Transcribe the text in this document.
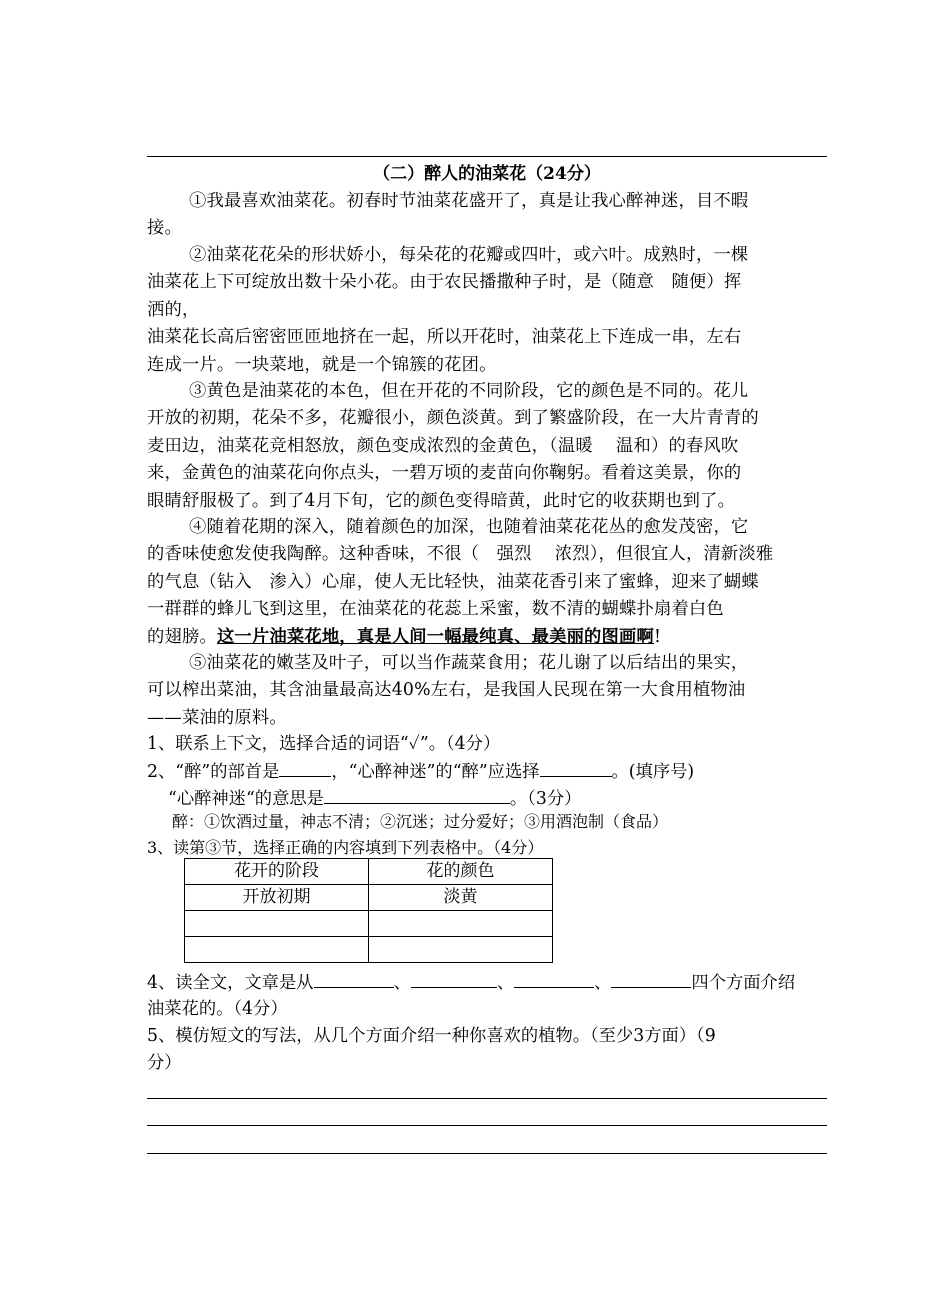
（二）醉人的油菜花（24分）
①我最喜欢油菜花。初春时节油菜花盛开了，真是让我心醉神迷，目不暇
接。
②油菜花花朵的形状娇小，每朵花的花瓣或四叶，或六叶。成熟时，一棵
油菜花上下可绽放出数十朵小花。由于农民播撒种子时，是（随意　随便）挥
洒的，
油菜花长高后密密匝匝地挤在一起，所以开花时，油菜花上下连成一串，左右
连成一片。一块菜地，就是一个锦簇的花团。
③黄色是油菜花的本色，但在开花的不同阶段，它的颜色是不同的。花儿
开放的初期，花朵不多，花瓣很小，颜色淡黄。到了繁盛阶段，在一大片青青的
麦田边，油菜花竞相怒放，颜色变成浓烈的金黄色，（温暖　 温和）的春风吹
来，金黄色的油菜花向你点头，一碧万顷的麦苗向你鞠躬。看着这美景，你的
眼睛舒服极了。到了4月下旬，它的颜色变得暗黄，此时它的收获期也到了。
④随着花期的深入，随着颜色的加深，也随着油菜花花丛的愈发茂密，它
的香味使愈发使我陶醉。这种香味，不很（　强烈　 浓烈），但很宜人，清新淡雅
的气息（钻入　渗入）心扉，使人无比轻快，油菜花香引来了蜜蜂，迎来了蝴蝶
一群群的蜂儿飞到这里，在油菜花的花蕊上采蜜，数不清的蝴蝶扑扇着白色
的翅膀。这一片油菜花地，真是人间一幅最纯真、最美丽的图画啊!
⑤油菜花的嫩茎及叶子，可以当作蔬菜食用；花儿谢了以后结出的果实，
可以榨出菜油，其含油量最高达40%左右，是我国人民现在第一大食用植物油
——菜油的原料。
1、联系上下文，选择合适的词语“✓”。（4分）
2、“醉”的部首是	，“心醉神迷”的“醉”应选择	。(填序号)
“心醉神迷“的意思是	。（3分）
醉：①饮酒过量，神志不清；②沉迷；过分爱好；③用酒泡制（食品）
3、读第③节，选择正确的内容填到下列表格中。（4分）
花开的阶段	花的颜色
开放初期	淡黄

4、读全文，文章是从	、	、	、	四个方面介绍
油菜花的。（4分）
5、模仿短文的写法，从几个方面介绍一种你喜欢的植物。（至少3方面）（9
分）
